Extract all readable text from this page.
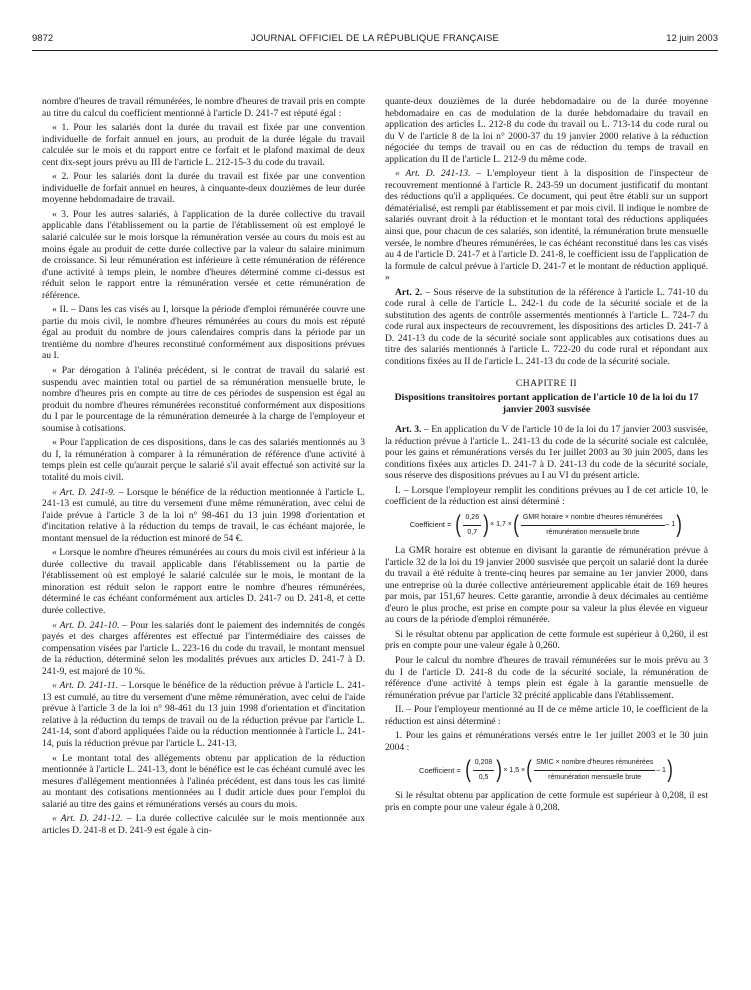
9872	JOURNAL OFFICIEL DE LA RÉPUBLIQUE FRANÇAISE	12 juin 2003

nombre d'heures de travail rémunérées, le nombre d'heures de travail pris en compte au titre du calcul du coefficient mentionné à l'article D. 241-7 est réputé égal :

« 1. Pour les salariés dont la durée du travail est fixée par une convention individuelle de forfait annuel en jours, au produit de la durée légale du travail calculée sur le mois et du rapport entre ce forfait et le plafond maximal de deux cent dix-sept jours prévu au III de l'article L. 212-15-3 du code du travail.

« 2. Pour les salariés dont la durée du travail est fixée par une convention individuelle de forfait annuel en heures, à cinquante-deux douzièmes de leur durée moyenne hebdomadaire de travail.

« 3. Pour les autres salariés, à l'application de la durée collective du travail applicable dans l'établissement ou la partie de l'établissement où est employé le salarié calculée sur le mois lorsque la rémunération versée au cours du mois est au moins égale au produit de cette durée collective par la valeur du salaire minimum de croissance. Si leur rémunération est inférieure à cette rémunération de référence d'une activité à temps plein, le nombre d'heures déterminé comme ci-dessus est réduit selon le rapport entre la rémunération versée et cette rémunération de référence.

« II. – Dans les cas visés au I, lorsque la période d'emploi rémunérée couvre une partie du mois civil, le nombre d'heures rémunérées au cours du mois est réputé égal au produit du nombre de jours calendaires compris dans la période par un trentième du nombre d'heures reconstitué conformément aux dispositions prévues au I.

« Par dérogation à l'alinéa précédent, si le contrat de travail du salarié est suspendu avec maintien total ou partiel de sa rémunération mensuelle brute, le nombre d'heures pris en compte au titre de ces périodes de suspension est égal au produit du nombre d'heures rémunérées reconstitué conformément aux dispositions du I par le pourcentage de la rémunération demeurée à la charge de l'employeur et soumise à cotisations.

« Pour l'application de ces dispositions, dans le cas des salariés mentionnés au 3 du I, la rémunération à comparer à la rémunération de référence d'une activité à temps plein est celle qu'aurait perçue le salarié s'il avait effectué son activité sur la totalité du mois civil.

« Art. D. 241-9. – Lorsque le bénéfice de la réduction mentionnée à l'article L. 241-13 est cumulé, au titre du versement d'une même rémunération, avec celui de l'aide prévue à l'article 3 de la loi n° 98-461 du 13 juin 1998 d'orientation et d'incitation relative à la réduction du temps de travail, le cas échéant majorée, le montant mensuel de la réduction est minoré de 54 €.

« Lorsque le nombre d'heures rémunérées au cours du mois civil est inférieur à la durée collective du travail applicable dans l'établissement ou la partie de l'établissement où est employé le salarié calculée sur le mois, le montant de la minoration est réduit selon le rapport entre le nombre d'heures rémunérées, déterminé le cas échéant conformément aux articles D. 241-7 ou D. 241-8, et cette durée collective.

« Art. D. 241-10. – Pour les salariés dont le paiement des indemnités de congés payés et des charges afférentes est effectué par l'intermédiaire des caisses de compensation visées par l'article L. 223-16 du code du travail, le montant mensuel de la réduction, déterminé selon les modalités prévues aux articles D. 241-7 à D. 241-9, est majoré de 10 %.

« Art. D. 241-11. – Lorsque le bénéfice de la réduction prévue à l'article L. 241-13 est cumulé, au titre du versement d'une même rémunération, avec celui de l'aide prévue à l'article 3 de la loi n° 98-461 du 13 juin 1998 d'orientation et d'incitation relative à la réduction du temps de travail ou de la réduction prévue par l'article L. 241-14, sont d'abord appliquées l'aide ou la réduction mentionnée à l'article L. 241-14, puis la réduction prévue par l'article L. 241-13.

« Le montant total des allégements obtenu par application de la réduction mentionnée à l'article L. 241-13, dont le bénéfice est le cas échéant cumulé avec les mesures d'allégement mentionnées à l'alinéa précédent, est dans tous les cas limité au montant des cotisations mentionnées au I dudit article dues pour l'emploi du salarié au titre des gains et rémunérations versés au cours du mois.

« Art. D. 241-12. – La durée collective calculée sur le mois mentionnée aux articles D. 241-8 et D. 241-9 est égale à cin-

quante-deux douzièmes de la durée hebdomadaire ou de la durée moyenne hebdomadaire en cas de modulation de la durée hebdomadaire du travail en application des articles L. 212-8 du code du travail ou L. 713-14 du code rural ou du V de l'article 8 de la loi n° 2000-37 du 19 janvier 2000 relative à la réduction négociée du temps de travail ou en cas de réduction du temps de travail en application du II de l'article L. 212-9 du même code.

« Art. D. 241-13. – L'employeur tient à la disposition de l'inspecteur de recouvrement mentionné à l'article R. 243-59 un document justificatif du montant des réductions qu'il a appliquées. Ce document, qui peut être établi sur un support dématérialisé, est rempli par établissement et par mois civil. Il indique le nombre de salariés ouvrant droit à la réduction et le montant total des réductions appliquées ainsi que, pour chacun de ces salariés, son identité, la rémunération brute mensuelle versée, le nombre d'heures rémunérées, le cas échéant reconstitué dans les cas visés au 4 de l'article D. 241-7 et à l'article D. 241-8, le coefficient issu de l'application de la formule de calcul prévue à l'article D. 241-7 et le montant de réduction appliqué. »

Art. 2. – Sous réserve de la substitution de la référence à l'article L. 741-10 du code rural à celle de l'article L. 242-1 du code de la sécurité sociale et de la substitution des agents de contrôle assermentés mentionnés à l'article L. 724-7 du code rural aux inspecteurs de recouvrement, les dispositions des articles D. 241-7 à D. 241-13 du code de la sécurité sociale sont applicables aux cotisations dues au titre des salariés mentionnés à l'article L. 722-20 du code rural et répondant aux conditions fixées au II de l'article L. 241-13 du code de la sécurité sociale.

CHAPITRE II
Dispositions transitoires portant application de l'article 10 de la loi du 17 janvier 2003 susvisée

Art. 3. – En application du V de l'article 10 de la loi du 17 janvier 2003 susvisée, la réduction prévue à l'article L. 241-13 du code de la sécurité sociale est calculée, pour les gains et rémunérations versés du 1er juillet 2003 au 30 juin 2005, dans les conditions fixées aux articles D. 241-7 à D. 241-13 du code de la sécurité sociale, sous réserve des dispositions prévues au I au VI du présent article.

I. – Lorsque l'employeur remplit les conditions prévues au I de cet article 10, le coefficient de la réduction est ainsi déterminé :

Coefficient = ( $\frac{0,26}{0,7}$ ) × 1,7 × ( $\frac{\text{GMR horaire × nombre d'heures rémunérées}}{\text{rémunération mensuelle brute}} - 1$ )

La GMR horaire est obtenue en divisant la garantie de rémunération prévue à l'article 32 de la loi du 19 janvier 2000 susvisée que perçoit un salarié dont la durée du travail a été réduite à trente-cinq heures par semaine au 1er janvier 2000, dans une entreprise où la durée collective antérieurement applicable était de 169 heures par mois, par 151,67 heures. Cette garantie, arrondie à deux décimales au centième d'euro le plus proche, est prise en compte pour sa valeur la plus élevée en vigueur au cours de la période d'emploi rémunérée.

Si le résultat obtenu par application de cette formule est supérieur à 0,260, il est pris en compte pour une valeur égale à 0,260.

Pour le calcul du nombre d'heures de travail rémunérées sur le mois prévu au 3 du I de l'article D. 241-8 du code de la sécurité sociale, la rémunération de référence d'une activité à temps plein est égale à la garantie mensuelle de rémunération prévue par l'article 32 précité applicable dans l'établissement.

II. – Pour l'employeur mentionné au II de ce même article 10, le coefficient de la réduction est ainsi déterminé :

1. Pour les gains et rémunérations versés entre le 1er juillet 2003 et le 30 juin 2004 :

Coefficient = ( $\frac{0,208}{0,5}$ ) × 1,5 × ( $\frac{\text{SMIC × nombre d'heures rémunérées}}{\text{rémunération mensuelle brute}} - 1$ )

Si le résultat obtenu par application de cette formule est supérieur à 0,208, il est pris en compte pour une valeur égale à 0,208.
